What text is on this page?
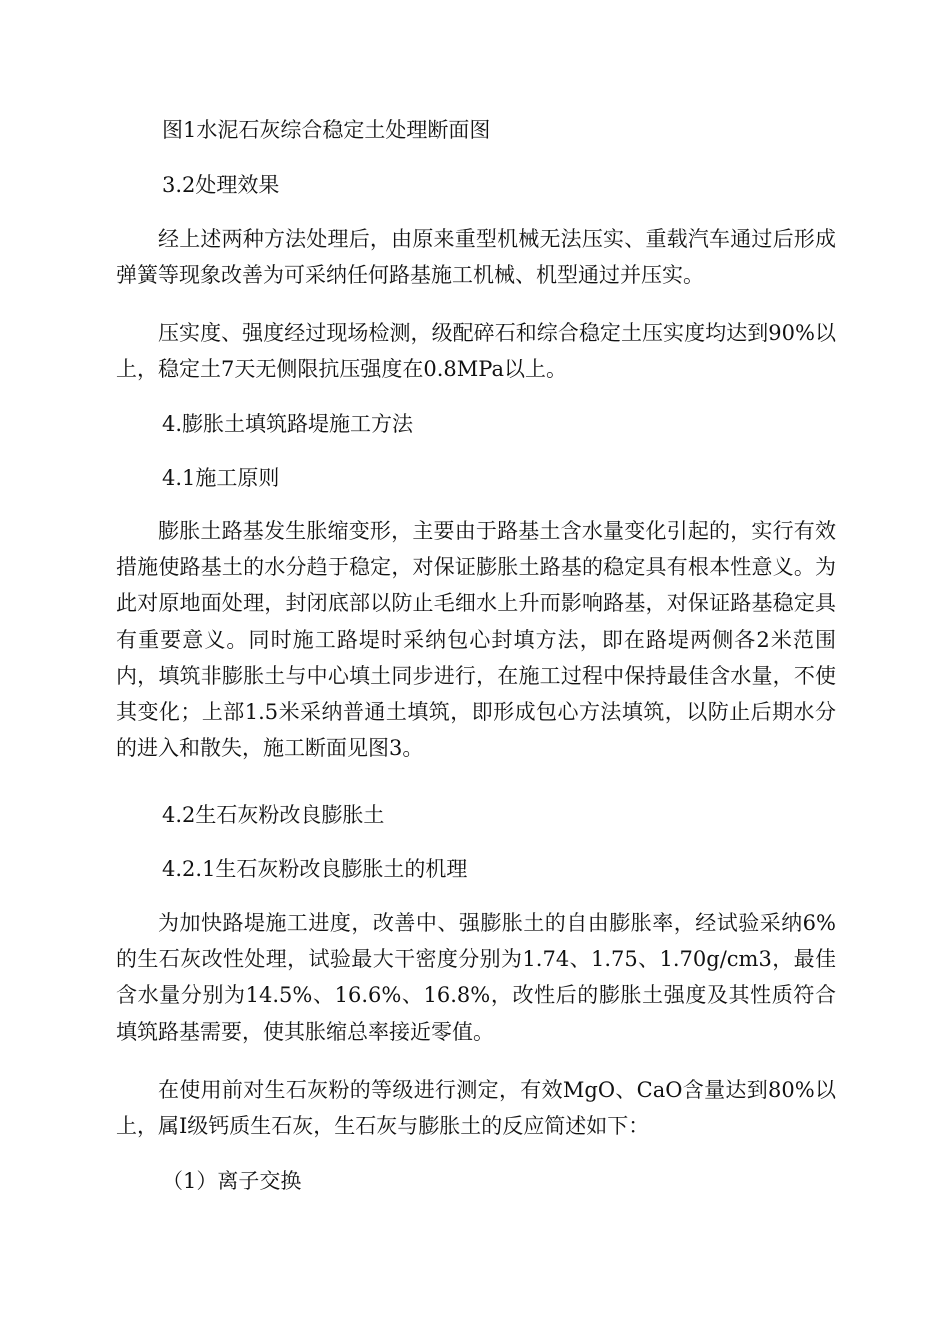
图1水泥石灰综合稳定土处理断面图

3.2处理效果

经上述两种方法处理后，由原来重型机械无法压实、重载汽车通过后形成弹簧等现象改善为可采纳任何路基施工机械、机型通过并压实。

压实度、强度经过现场检测，级配碎石和综合稳定土压实度均达到90%以上，稳定土7天无侧限抗压强度在0.8MPa以上。

4.膨胀土填筑路堤施工方法

4.1施工原则

膨胀土路基发生胀缩变形，主要由于路基土含水量变化引起的，实行有效措施使路基土的水分趋于稳定，对保证膨胀土路基的稳定具有根本性意义。为此对原地面处理，封闭底部以防止毛细水上升而影响路基，对保证路基稳定具有重要意义。同时施工路堤时采纳包心封填方法，即在路堤两侧各2米范围内，填筑非膨胀土与中心填土同步进行，在施工过程中保持最佳含水量，不使其变化；上部1.5米采纳普通土填筑，即形成包心方法填筑，以防止后期水分的进入和散失，施工断面见图3。

4.2生石灰粉改良膨胀土

4.2.1生石灰粉改良膨胀土的机理

为加快路堤施工进度，改善中、强膨胀土的自由膨胀率，经试验采纳6%的生石灰改性处理，试验最大干密度分别为1.74、1.75、1.70g/cm3，最佳含水量分别为14.5%、16.6%、16.8%，改性后的膨胀土强度及其性质符合填筑路基需要，使其胀缩总率接近零值。

在使用前对生石灰粉的等级进行测定，有效MgO、CaO含量达到80%以上，属I级钙质生石灰，生石灰与膨胀土的反应简述如下：

（1）离子交换
